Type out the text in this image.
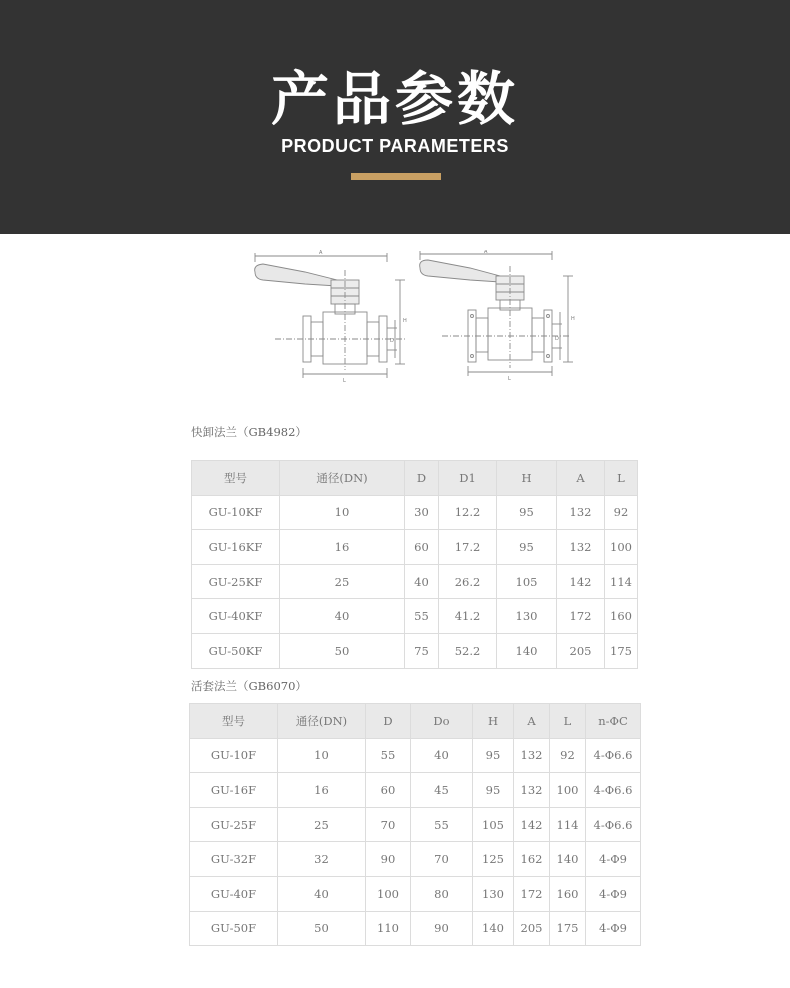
产品参数
PRODUCT PARAMETERS
A
L
H
D
A
L
H
D

快卸法兰（GB4982）
型号	通径(DN)	D	D1	H	A	L
GU-10KF	10	30	12.2	95	132	92
GU-16KF	16	60	17.2	95	132	100
GU-25KF	25	40	26.2	105	142	114
GU-40KF	40	55	41.2	130	172	160
GU-50KF	50	75	52.2	140	205	175
活套法兰（GB6070）
型号	通径(DN)	D	Do	H	A	L	n-ΦC
GU-10F	10	55	40	95	132	92	4-Φ6.6
GU-16F	16	60	45	95	132	100	4-Φ6.6
GU-25F	25	70	55	105	142	114	4-Φ6.6
GU-32F	32	90	70	125	162	140	4-Φ9
GU-40F	40	100	80	130	172	160	4-Φ9
GU-50F	50	110	90	140	205	175	4-Φ9
